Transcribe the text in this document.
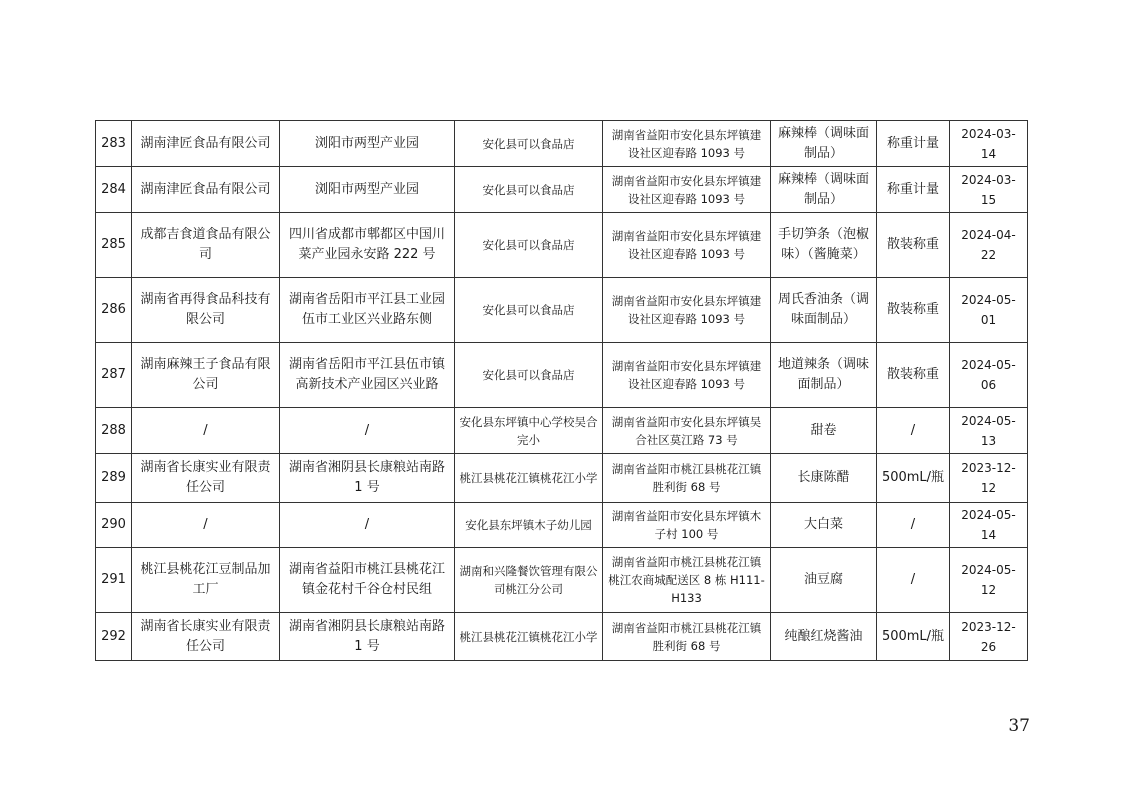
283	湖南津匠食品有限公司	浏阳市两型产业园	安化县可以食品店	湖南省益阳市安化县东坪镇建设社区迎春路 1093 号	麻辣棒（调味面制品）	称重计量	2024-03-14
284	湖南津匠食品有限公司	浏阳市两型产业园	安化县可以食品店	湖南省益阳市安化县东坪镇建设社区迎春路 1093 号	麻辣棒（调味面制品）	称重计量	2024-03-15
285	成都吉食道食品有限公司	四川省成都市郫都区中国川菜产业园永安路 222 号	安化县可以食品店	湖南省益阳市安化县东坪镇建设社区迎春路 1093 号	手切笋条（泡椒味）（酱腌菜）	散装称重	2024-04-22
286	湖南省再得食品科技有限公司	湖南省岳阳市平江县工业园伍市工业区兴业路东侧	安化县可以食品店	湖南省益阳市安化县东坪镇建设社区迎春路 1093 号	周氏香油条（调味面制品）	散装称重	2024-05-01
287	湖南麻辣王子食品有限公司	湖南省岳阳市平江县伍市镇高新技术产业园区兴业路	安化县可以食品店	湖南省益阳市安化县东坪镇建设社区迎春路 1093 号	地道辣条（调味面制品）	散装称重	2024-05-06
288	/	/	安化县东坪镇中心学校吴合完小	湖南省益阳市安化县东坪镇吴合社区莫江路 73 号	甜卷	/	2024-05-13
289	湖南省长康实业有限责任公司	湖南省湘阴县长康粮站南路 1 号	桃江县桃花江镇桃花江小学	湖南省益阳市桃江县桃花江镇胜利街 68 号	长康陈醋	500mL/瓶	2023-12-12
290	/	/	安化县东坪镇木子幼儿园	湖南省益阳市安化县东坪镇木子村 100 号	大白菜	/	2024-05-14
291	桃江县桃花江豆制品加工厂	湖南省益阳市桃江县桃花江镇金花村千谷仓村民组	湖南和兴隆餐饮管理有限公司桃江分公司	湖南省益阳市桃江县桃花江镇桃江农商城配送区 8 栋 H111-H133	油豆腐	/	2024-05-12
292	湖南省长康实业有限责任公司	湖南省湘阴县长康粮站南路 1 号	桃江县桃花江镇桃花江小学	湖南省益阳市桃江县桃花江镇胜利街 68 号	纯酿红烧酱油	500mL/瓶	2023-12-26
37
